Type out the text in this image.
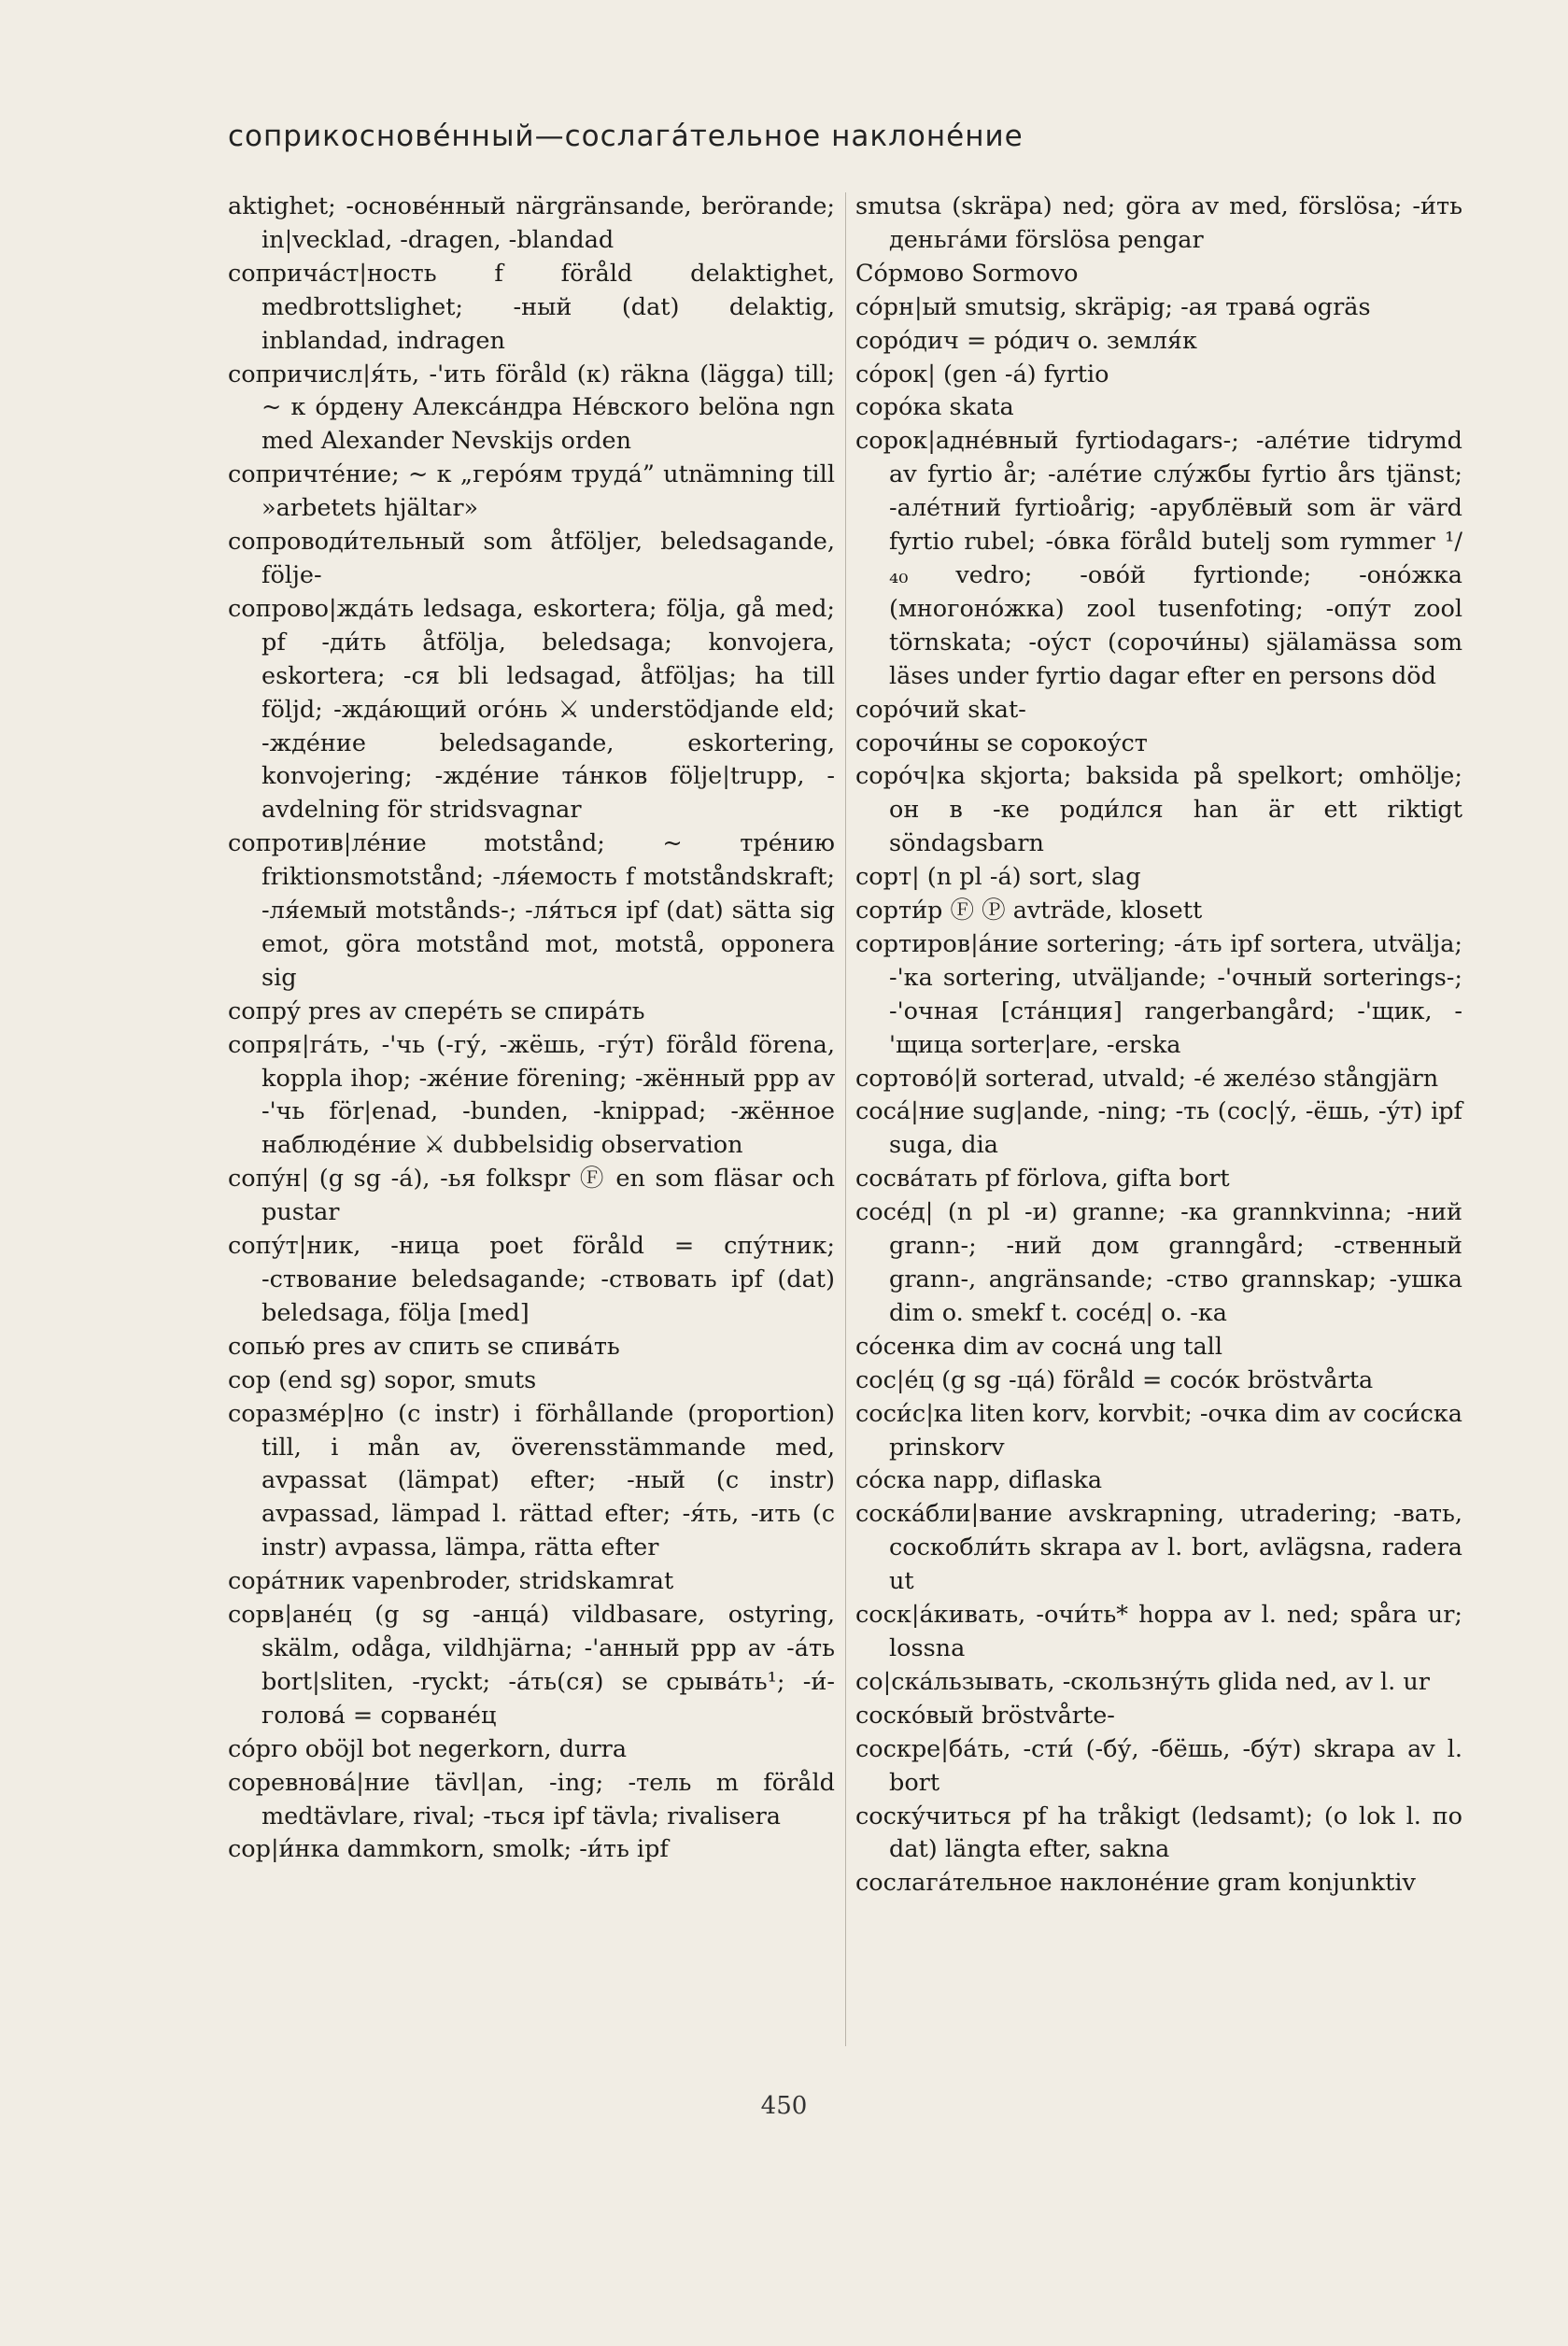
соприкосновéнный—сослагáтельное наклонéние

aktighet; -оcновéнный närgränsande, berörande; in|vecklad, -dragen, -blandad

сопричáст|ность f föråld delaktighet, medbrottslighet; -ный (dat) delaktig, inblandad, indragen

сопричисл|я́ть, -'ить föråld (к) räkna (lägga) till; ~ к óрдену Алексáндра Héвского belöna ngn med Alexander Nevskijs orden

сопричтéние; ~ к „герóям трудá” utnämning till »arbetets hjältar»

сопроводи́тельный som åtföljer, beledsagande, följe-

сопрово|ждáть ledsaga, eskortera; följa, gå med; pf -ди́ть åtfölja, beledsaga; konvojera, eskortera; -ся bli ledsagad, åtföljas; ha till följd; -ждáющий огóнь ⚔ understödjande eld; -ждéние beledsagande, eskortering, konvojering; -ждéние тáнков följe|trupp, -avdelning för stridsvagnar

сопротив|лéние motstånd; ~ трéнию friktionsmotstånd; -ля́емость f motståndskraft; -ля́емый motstånds-; -ля́ться ipf (dat) sätta sig emot, göra motstånd mot, motstå, opponera sig

сопру́ pres av сперéть se спирáть

сопря|гáть, -'чь (-гу́, -жёшь, -гу́т) föråld förena, koppla ihop; -жéние förening; -жённый ppp av -'чь för|enad, -bunden, -knippad; -жённое наблюдéние ⚔ dubbelsidig observation

сопу́н| (g sg -á), -ья folkspr Ⓕ en som fläsar och pustar

сопу́т|ник, -ница poet föråld = спу́тник; -ствование beledsagande; -ствовать ipf (dat) beledsaga, följa [med]

сопью́ pres av спить se спивáть

сор (end sg) sopor, smuts

сорaзмéр|но (с instr) i förhållande (proportion) till, i mån av, överensstämmande med, avpassat (lämpat) efter; -ный (с instr) avpassad, lämpad l. rättad efter; -я́ть, -ить (с instr) avpassa, lämpa, rätta efter

сорáтник vapenbroder, stridskamrat

сорв|анéц (g sg -анцá) vildbasare, ostyring, skälm, odåga, vildhjärna; -'анный ppp av -áть bort|sliten, -ryckt; -áть(ся) se срывáть¹; -и́-головá = сорванéц

сóрго oböjl bot negerkorn, durra

соревновá|ние tävl|an, -ing; -тель m föråld medtävlare, rival; -ться ipf tävla; rivalisera

сор|и́нка dammkorn, smolk; -и́ть ipf

smutsa (skräpa) ned; göra av med, förslösa; -и́ть деньгáми förslösa pengar

Сóрмово Sormovo

сóрн|ый smutsig, skräpig; -ая травá ogräs

сорóдич = рóдич o. земля́к

сóрок| (gen -á) fyrtio

сорóка skata

сорок|аднéвный fyrtiodagars-; -алéтие tidrymd av fyrtio år; -алéтие слу́жбы fyrtio års tjänst; -алéтний fyrtioårig; -арублёвый som är värd fyrtio rubel; -óвка föråld butelj som rymmer ¹/₄₀ vedro; -овóй fyrtionde; -онóжка (многонóжка) zool tusenfoting; -опу́т zool törnskata; -оу́ст (сорочи́ны) själamässa som läses under fyrtio dagar efter en persons död

сорóчий skat-

сорочи́ны se сорокоу́ст

сорóч|ка skjorta; baksida på spelkort; omhölje; он в -ке роди́лся han är ett riktigt söndagsbarn

сорт| (n pl -á) sort, slag

сорти́р Ⓕ Ⓟ avträde, klosett

сортиров|áние sortering; -áть ipf sortera, utvälja; -'ка sortering, utväljande; -'очный sorterings-; -'очная [стáнция] rangerbangård; -'щик, -'щица sorter|are, -erska

сортовó|й sorterad, utvald; -é желéзо stångjärn

сосá|ние sug|ande, -ning; -ть (сос|у́, -ёшь, -у́т) ipf suga, dia

сосвáтать pf förlova, gifta bort

сосéд| (n pl -и) granne; -ка grannkvinna; -ний grann-; -ний дом granngård; -ственный grann-, angränsande; -ство grannskap; -ушка dim o. smekf t. сосéд| o. -ка

сóсенка dim av соснá ung tall

сос|éц (g sg -цá) föråld = сосóк bröstvårta

соси́с|ка liten korv, korvbit; -очка dim av соси́ска prinskorv

сóска napp, diflaska

соскáбли|вание avskrapning, utradering; -вать, сoскобли́ть skrapa av l. bort, avlägsna, radera ut

соск|áкивать, -очи́ть* hoppa av l. ned; spåra ur; lossna

со|скáльзывать, -скользну́ть glida ned, av l. ur

соскóвый bröstvårte-

соскре|бáть, -сти́ (-бу́, -бёшь, -бу́т) skrapa av l. bort

соску́читься pf ha tråkigt (ledsamt); (о lok l. по dat) längta efter, sakna

сослагáтельное наклонéние gram konjunktiv

450
